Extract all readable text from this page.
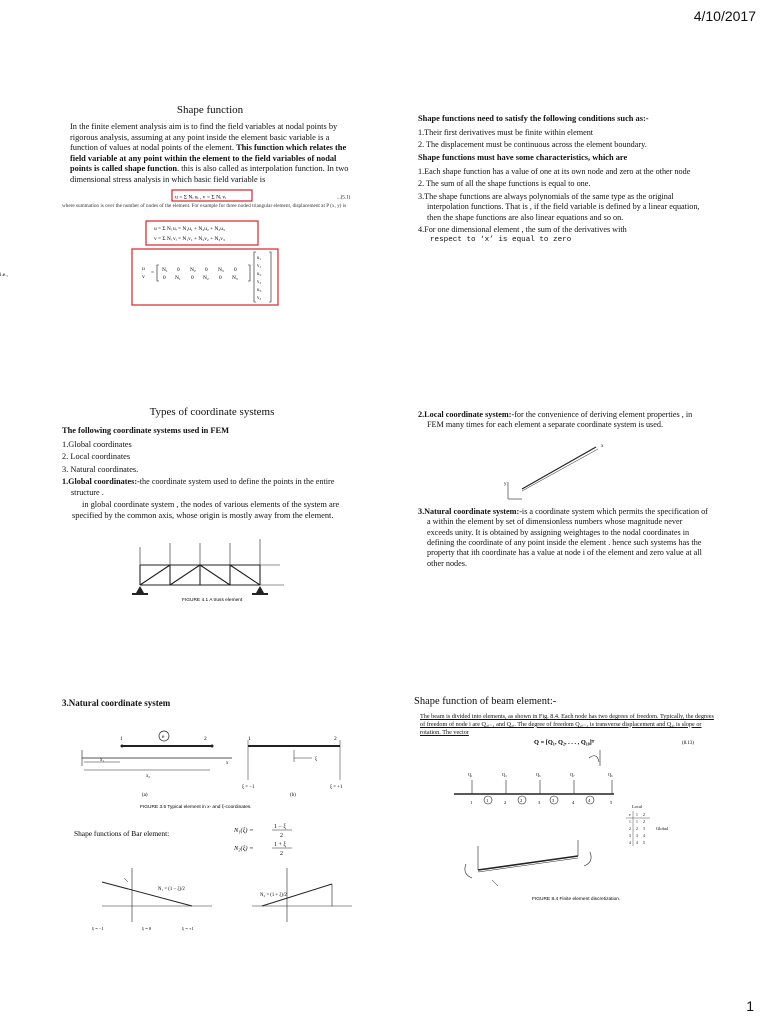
4/10/2017
Shape function

In the finite element analysis aim is to find the field variables at nodal points by rigorous analysis, assuming at any point inside the element basic variable is a function of values at nodal points of the element. This function which relates the field variable at any point within the element to the field variables of nodal points is called shape function. this is also called as interpolation function. In two dimensional stress analysis in which basic field variable is

u = Σ Nᵢ uᵢ , v = Σ Nᵢ vᵢ	...(5.1)
where summation is over the number of nodes of the element. For example for three noded triangular element, displacement at P (x, y) is
u = Σ Nᵢ uᵢ = N₁u₁ + N₂u₂ + N₃u₃
v = Σ Nᵢ vᵢ = N₁v₁ + N₂v₂ + N₃v₃
i.e.,
u
v
= N₁ 0 N₂ 0 N₃ 0
0 N₁ 0 N₂ 0 N₃
u₁
v₁
u₂
v₂
u₃
v₃

Shape functions need to satisfy the following conditions such as:-

1.Their first derivatives must be finite within element

2. The displacement must be continuous across the element boundary.

Shape functions must have some characteristics, which are

1.Each shape function has a value of one at its own node and zero at the other node

2. The sum of all the shape functions is equal to one.

3.The shape functions are always polynomials of the same type as the original interpolation functions. That is , if the field variable is defined by a linear equation, then the shape functions are also linear equations and so on.

4.For one dimensional element , the sum of the derivatives with

respect to ‘x’ is equal to zero

Types of coordinate systems

The following coordinate systems used in FEM

1.Global coordinates

2. Local coordinates

3. Natural coordinates.

1.Global coordinates:-the coordinate system used to define the points in the entire structure .

in global coordinate system , the nodes of various elements of the system are specified by the common axis, whose origin is mostly away from the element.

FIGURE 4.1 A truss element

2.Local coordinate system:-for the convenience of deriving element properties , in FEM many times for each element a separate coordinate system is used.

x
y

3.Natural coordinate system:-is a coordinate system which permits the specification of a within the element by set of dimensionless numbers whose magnitude never exceeds unity. It is obtained by assigning weightages to the nodal coordinates in defining the coordinate of any point inside the element . hence such systems has the property that ith coordinate has a value at node i of the element and zero value at all other nodes.

3.Natural coordinate system
1	2
e
x₁
x₂
x
(a)
ξ
1	2
ξ = −1	ξ = +1
(b)
FIGURE 3.5 Typical element in x- and ξ-coordinates.
Shape functions of Bar element:	N₁(ξ) =	1 − ξ
2
N₂(ξ) =	1 + ξ
2
N₁ = (1 − ξ)/2
ξ = −1	ξ = 0	ξ = +1
N₂ = (1 + ξ)/2
Shape function of beam element:-

The beam is divided into elements, as shown in Fig. 8.4. Each node has two degrees of freedom. Typically, the degrees of freedom of node i are Q₂ᵢ₋₁ and Q₂ᵢ. The degree of freedom Q₂ᵢ₋₁ is transverse displacement and Q₂ᵢ is slope or rotation. The vector

Q = [Q₁, Q₂, . . . , Q₁₀]ᵀ	(8.13)
1	2	3	4
1	2	3	4	5
Q₁	Q₃	Q₅	Q₇	Q₉
Local
e 1 2
1 1 2
2 2 3
3 3 4
4 4 5
Global
FIGURE 8.4 Finite element discretization.
1
